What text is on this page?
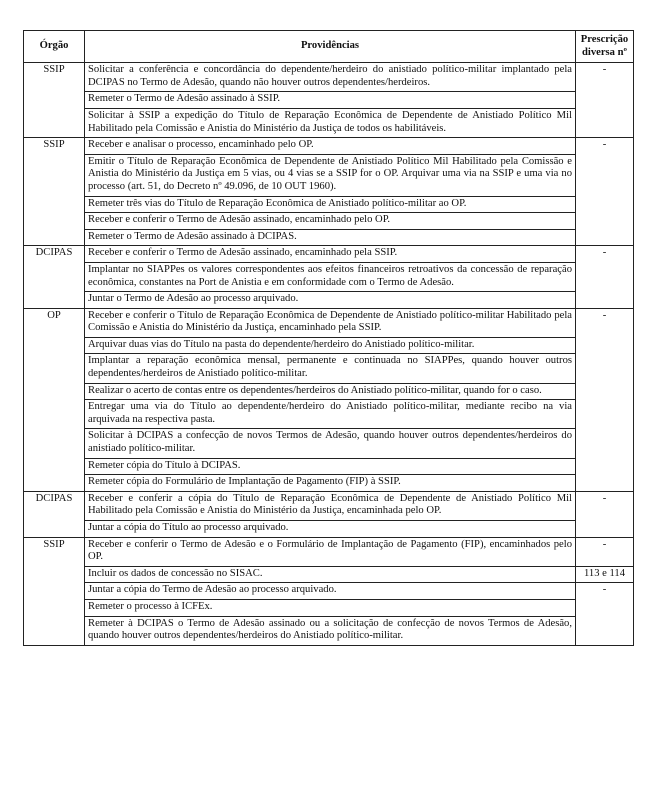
Órgão	Providências	Prescrição diversa nº
SSIP	Solicitar a conferência e concordância do dependente/herdeiro do anistiado político-militar implantado pela DCIPAS no Termo de Adesão, quando não houver outros dependentes/herdeiros.	-
	Remeter o Termo de Adesão assinado à SSIP.	
	Solicitar à SSIP a expedição do Título de Reparação Econômica de Dependente de Anistiado Político Mil Habilitado pela Comissão e Anistia do Ministério da Justiça de todos os habilitáveis.	
SSIP	Receber e analisar o processo, encaminhado pelo OP.	-
	Emitir o Título de Reparação Econômica de Dependente de Anistiado Político Mil Habilitado pela Comissão e Anistia do Ministério da Justiça em 5 vias, ou 4 vias se a SSIP for o OP. Arquivar uma via na SSIP e uma via no processo (art. 51, do Decreto nº 49.096, de 10 OUT 1960).	
	Remeter três vias do Título de Reparação Econômica de Anistiado político-militar ao OP.	
	Receber e conferir o Termo de Adesão assinado, encaminhado pelo OP.	
	Remeter o Termo de Adesão assinado à DCIPAS.	
DCIPAS	Receber e conferir o Termo de Adesão assinado, encaminhado pela SSIP.	-
	Implantar no SIAPPes os valores correspondentes aos efeitos financeiros retroativos da concessão de reparação econômica, constantes na Port de Anistia e em conformidade com o Termo de Adesão.	
	Juntar o Termo de Adesão ao processo arquivado.	
OP	Receber e conferir o Título de Reparação Econômica de Dependente de Anistiado político-militar Habilitado pela Comissão e Anistia do Ministério da Justiça, encaminhado pela SSIP.	-
	Arquivar duas vias do Título na pasta do dependente/herdeiro do Anistiado político-militar.	
	Implantar a reparação econômica mensal, permanente e continuada no SIAPPes, quando houver outros dependentes/herdeiros de Anistiado político-militar.	
	Realizar o acerto de contas entre os dependentes/herdeiros do Anistiado político-militar, quando for o caso.	
	Entregar uma via do Título ao dependente/herdeiro do Anistiado político-militar, mediante recibo na via arquivada na respectiva pasta.	
	Solicitar à DCIPAS a confecção de novos Termos de Adesão, quando houver outros dependentes/herdeiros do anistiado político-militar.	
	Remeter cópia do Título à DCIPAS.	
	Remeter cópia do Formulário de Implantação de Pagamento (FIP) à SSIP.	
DCIPAS	Receber e conferir a cópia do Título de Reparação Econômica de Dependente de Anistiado Político Mil Habilitado pela Comissão e Anistia do Ministério da Justiça, encaminhada pelo OP.	-
	Juntar a cópia do Título ao processo arquivado.	
SSIP	Receber e conferir o Termo de Adesão e o Formulário de Implantação de Pagamento (FIP), encaminhados pelo OP.	-
	Incluir os dados de concessão no SISAC.	113 e 114
	Juntar a cópia do Termo de Adesão ao processo arquivado.	-
	Remeter o processo à ICFEx.	
	Remeter à DCIPAS o Termo de Adesão assinado ou a solicitação de confecção de novos Termos de Adesão, quando houver outros dependentes/herdeiros do Anistiado político-militar.	
